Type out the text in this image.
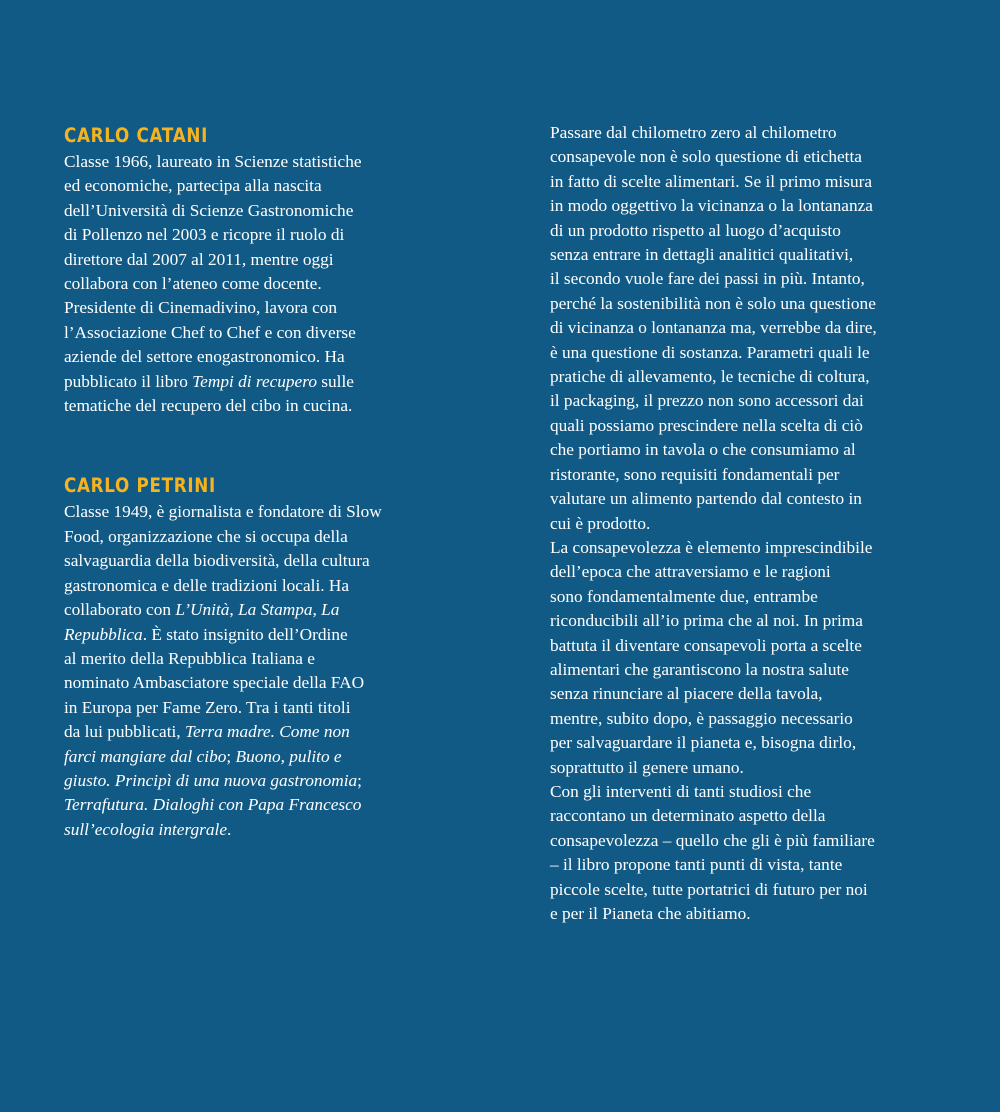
CARLO CATANI

Classe 1966, laureato in Scienze statistiche
ed economiche, partecipa alla nascita
dell’Università di Scienze Gastronomiche
di Pollenzo nel 2003 e ricopre il ruolo di
direttore dal 2007 al 2011, mentre oggi
collabora con l’ateneo come docente.
Presidente di Cinemadivino, lavora con
l’Associazione Chef to Chef e con diverse
aziende del settore enogastronomico. Ha
pubblicato il libro Tempi di recupero sulle
tematiche del recupero del cibo in cucina.

CARLO PETRINI

Classe 1949, è giornalista e fondatore di Slow
Food, organizzazione che si occupa della
salvaguardia della biodiversità, della cultura
gastronomica e delle tradizioni locali. Ha
collaborato con L’Unità, La Stampa, La
Repubblica. È stato insignito dell’Ordine
al merito della Repubblica Italiana e
nominato Ambasciatore speciale della FAO
in Europa per Fame Zero. Tra i tanti titoli
da lui pubblicati, Terra madre. Come non
farci mangiare dal cibo; Buono, pulito e
giusto. Principì di una nuova gastronomia;
Terrafutura. Dialoghi con Papa Francesco
sull’ecologia intergrale.

Passare dal chilometro zero al chilometro
consapevole non è solo questione di etichetta
in fatto di scelte alimentari. Se il primo misura
in modo oggettivo la vicinanza o la lontananza
di un prodotto rispetto al luogo d’acquisto
senza entrare in dettagli analitici qualitativi,
il secondo vuole fare dei passi in più. Intanto,
perché la sostenibilità non è solo una questione
di vicinanza o lontananza ma, verrebbe da dire,
è una questione di sostanza. Parametri quali le
pratiche di allevamento, le tecniche di coltura,
il packaging, il prezzo non sono accessori dai
quali possiamo prescindere nella scelta di ciò
che portiamo in tavola o che consumiamo al
ristorante, sono requisiti fondamentali per
valutare un alimento partendo dal contesto in
cui è prodotto.

La consapevolezza è elemento imprescindibile
dell’epoca che attraversiamo e le ragioni
sono fondamentalmente due, entrambe
riconducibili all’io prima che al noi. In prima
battuta il diventare consapevoli porta a scelte
alimentari che garantiscono la nostra salute
senza rinunciare al piacere della tavola,
mentre, subito dopo, è passaggio necessario
per salvaguardare il pianeta e, bisogna dirlo,
soprattutto il genere umano.

Con gli interventi di tanti studiosi che
raccontano un determinato aspetto della
consapevolezza – quello che gli è più familiare
– il libro propone tanti punti di vista, tante
piccole scelte, tutte portatrici di futuro per noi
e per il Pianeta che abitiamo.
